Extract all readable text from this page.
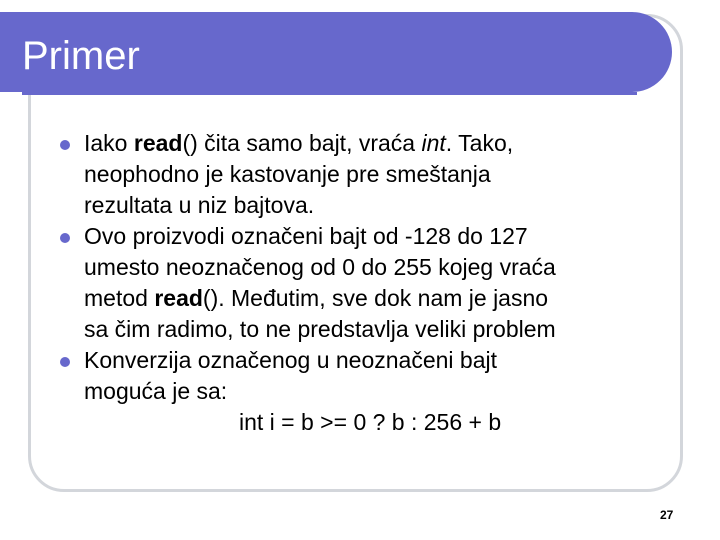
Primer
Iako read() čita samo bajt, vraća int. Tako,
neophodno je kastovanje pre smeštanja
rezultata u niz bajtova.
Ovo proizvodi označeni bajt od -128 do 127
umesto neoznačenog od 0 do 255 kojeg vraća
metod read(). Međutim, sve dok nam je jasno
sa čim radimo, to ne predstavlja veliki problem
Konverzija označenog u neoznačeni bajt
moguća je sa:
int i = b >= 0 ? b : 256 + b
27
